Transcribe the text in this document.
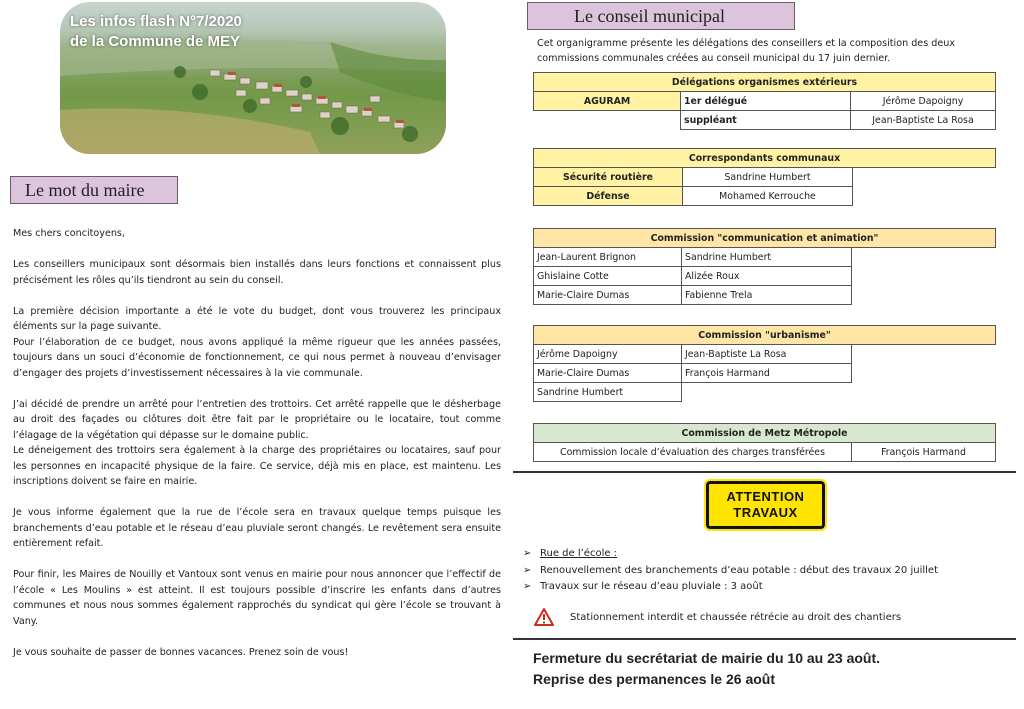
Les infos flash N°7/2020
de la Commune de MEY
Le mot du maire

Mes chers concitoyens,

Les conseillers municipaux sont désormais bien installés dans leurs fonctions et connaissent plus précisément les rôles qu’ils tiendront au sein du conseil.

La première décision importante a été le vote du budget, dont vous trouverez les principaux éléments sur la page suivante.

Pour l’élaboration de ce budget, nous avons appliqué la même rigueur que les années passées, toujours dans un souci d’économie de fonctionnement, ce qui nous permet à nouveau d’envisager d’engager des projets d’investissement nécessaires à la vie communale.

J’ai décidé de prendre un arrêté pour l’entretien des trottoirs. Cet arrêté rappelle que le désherbage au droit des façades ou clôtures doit être fait par le propriétaire ou le locataire, tout comme l’élagage de la végétation qui dépasse sur le domaine public.

Le déneigement des trottoirs sera également à la charge des propriétaires ou locataires, sauf pour les personnes en incapacité physique de la faire. Ce service, déjà mis en place, est maintenu. Les inscriptions doivent se faire en mairie.

Je vous informe également que la rue de l’école sera en travaux quelque temps puisque les branchements d’eau potable et le réseau d’eau pluviale seront changés. Le revêtement sera ensuite entièrement refait.

Pour finir, les Maires de Nouilly et Vantoux sont venus en mairie pour nous annoncer que l’effectif de l’école « Les Moulins » est atteint. Il est toujours possible d’inscrire les enfants dans d’autres communes et nous nous sommes également rapprochés du syndicat qui gère l’école se trouvant à Vany.

Je vous souhaite de passer de bonnes vacances. Prenez soin de vous!

Le conseil municipal
Cet organigramme présente les délégations des conseillers et la composition des deux commissions communales créées au conseil municipal du 17 juin dernier.
Délégations organismes extérieurs		
AGURAM	1er délégué	Jérôme Dapoigny
	suppléant	Jean-Baptiste La Rosa
Correspondants communaux		
Sécurité routière	Sandrine Humbert	
Défense	Mohamed Kerrouche	
Commission "communication et animation"		
Jean-Laurent Brignon	Sandrine Humbert	
Ghislaine Cotte	Alizée Roux	
Marie-Claire Dumas	Fabienne Trela	
Commission "urbanisme"		
Jérôme Dapoigny	Jean-Baptiste La Rosa	
Marie-Claire Dumas	François Harmand	
Sandrine Humbert		
Commission de Metz Métropole
Commission locale d’évaluation des charges transférées	François Harmand
ATTENTION
TRAVAUX
➢ Rue de l’école :
➢ Renouvellement des branchements d’eau potable : début des travaux 20 juillet
➢ Travaux sur le réseau d’eau pluviale : 3 août
Stationnement interdit et chaussée rétrécie au droit des chantiers
Fermeture du secrétariat de mairie du 10 au 23 août.
Reprise des permanences le 26 août
